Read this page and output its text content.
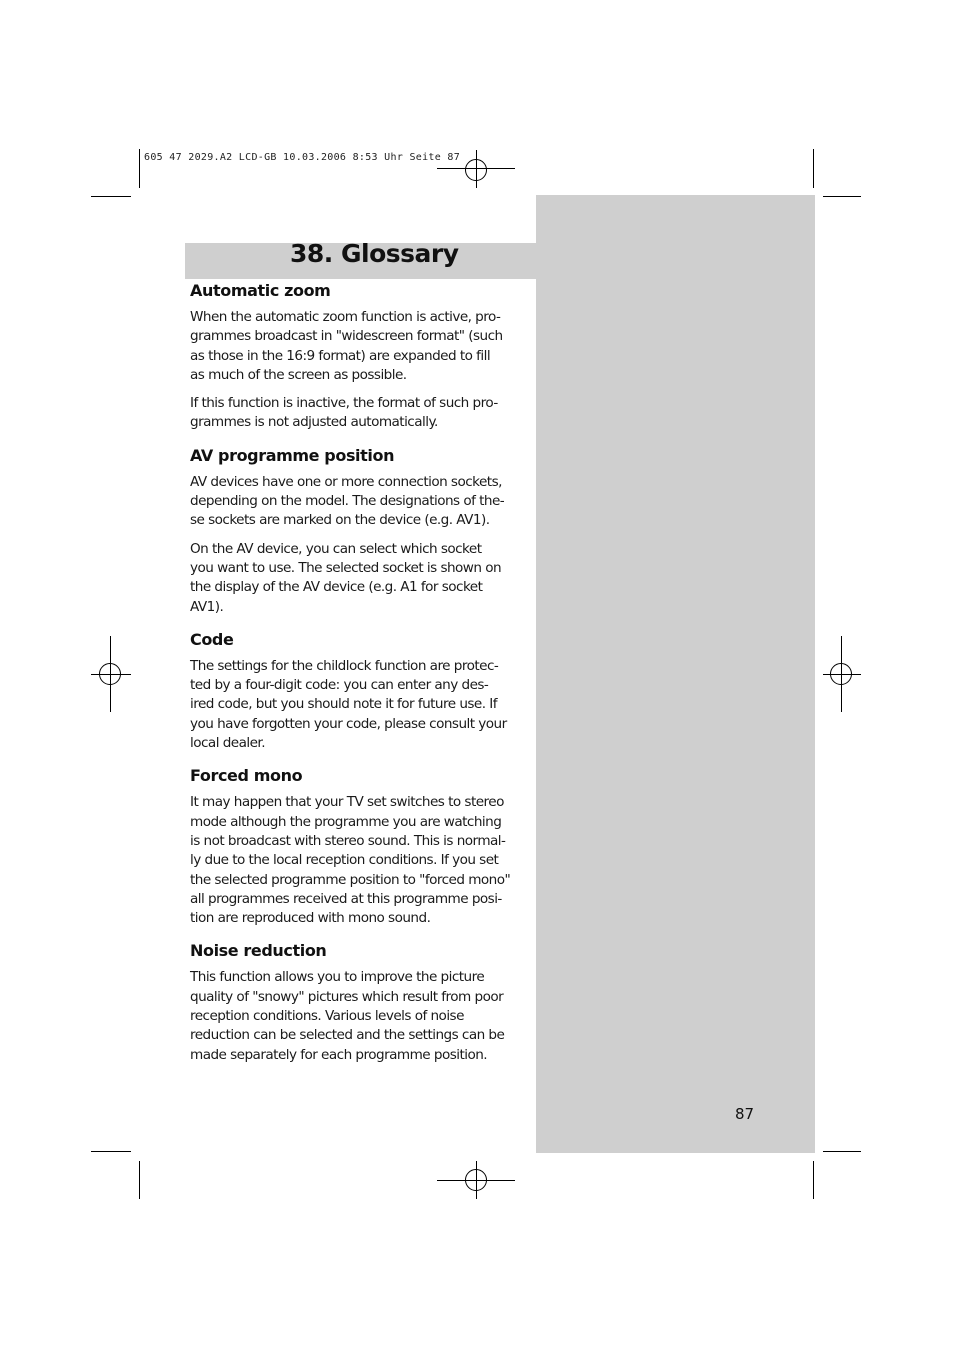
605 47 2029.A2 LCD-GB 10.03.2006 8:53 Uhr Seite 87
38. Glossary
Automatic zoom

When the automatic zoom function is active, pro-
grammes broadcast in "widescreen format" (such
as those in the 16:9 format) are expanded to fill
as much of the screen as possible.

If this function is inactive, the format of such pro-
grammes is not adjusted automatically.

AV programme position

AV devices have one or more connection sockets,
depending on the model. The designations of the-
se sockets are marked on the device (e.g. AV1).

On the AV device, you can select which socket
you want to use. The selected socket is shown on
the display of the AV device (e.g. A1 for socket
AV1).

Code

The settings for the childlock function are protec-
ted by a four-digit code: you can enter any des-
ired code, but you should note it for future use. If
you have forgotten your code, please consult your
local dealer.

Forced mono

It may happen that your TV set switches to stereo
mode although the programme you are watching
is not broadcast with stereo sound. This is normal-
ly due to the local reception conditions. If you set
the selected programme position to "forced mono"
all programmes received at this programme posi-
tion are reproduced with mono sound.

Noise reduction

This function allows you to improve the picture
quality of "snowy" pictures which result from poor
reception conditions. Various levels of noise
reduction can be selected and the settings can be
made separately for each programme position.

87
